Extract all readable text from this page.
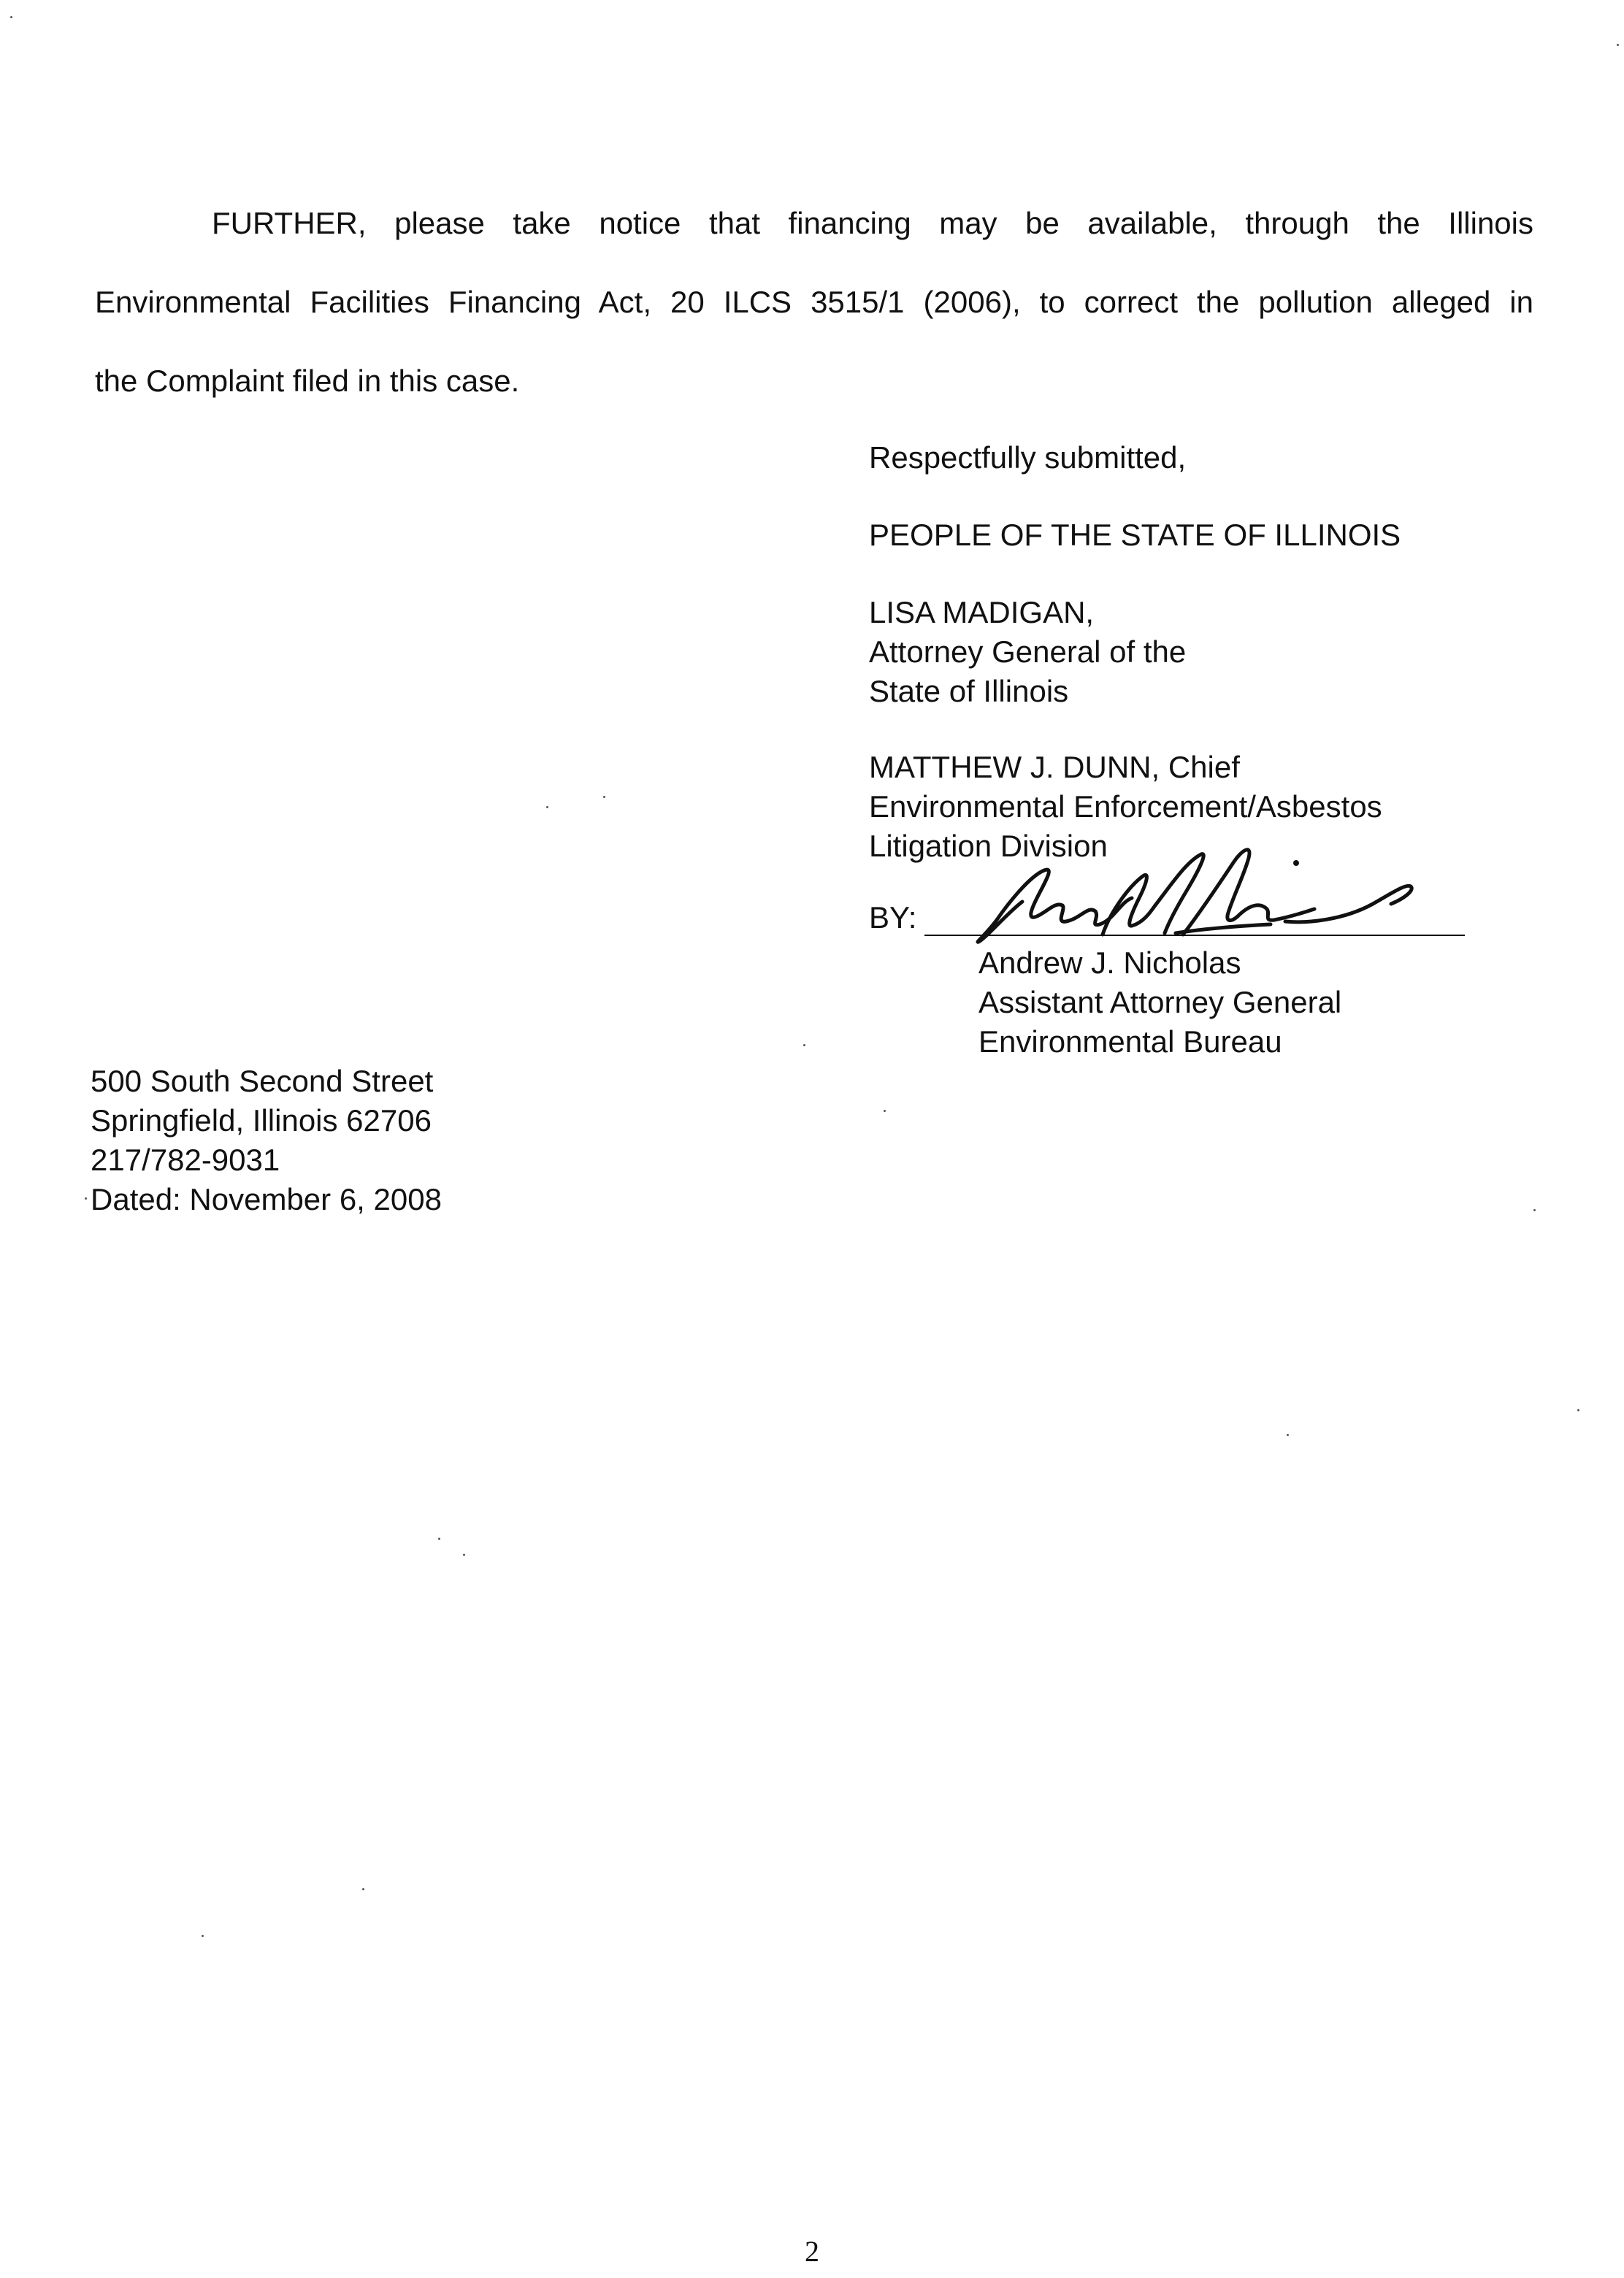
FURTHER, please take notice that financing may be available, through the Illinois
Environmental Facilities Financing Act, 20 ILCS 3515/1 (2006), to correct the pollution alleged in
the Complaint filed in this case.
Respectfully submitted,
PEOPLE OF THE STATE OF ILLINOIS
LISA MADIGAN,
Attorney General of the
State of Illinois
MATTHEW J. DUNN, Chief
Environmental Enforcement/Asbestos
Litigation Division
BY:
Andrew J. Nicholas
Assistant Attorney General
Environmental Bureau
500 South Second Street
Springfield, Illinois 62706
217/782-9031
Dated: November 6, 2008
2
